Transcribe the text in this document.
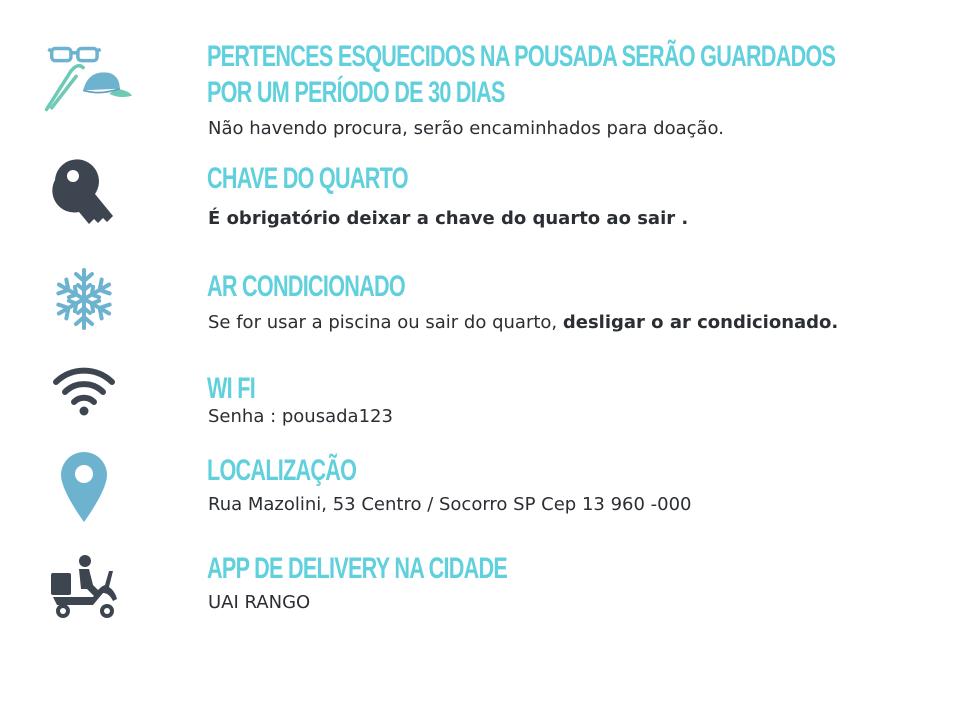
PERTENCES ESQUECIDOS NA POUSADA SERÃO GUARDADOS
POR UM PERÍODO DE 30 DIAS

Não havendo procura, serão encaminhados para doação.

CHAVE DO QUARTO

É obrigatório deixar a chave do quarto ao sair .

AR CONDICIONADO

Se for usar a piscina ou sair do quarto, desligar o ar condicionado.

WI FI

Senha : pousada123

LOCALIZAÇÃO

Rua Mazolini, 53 Centro / Socorro SP Cep 13 960 -000

APP DE DELIVERY NA CIDADE

UAI RANGO
